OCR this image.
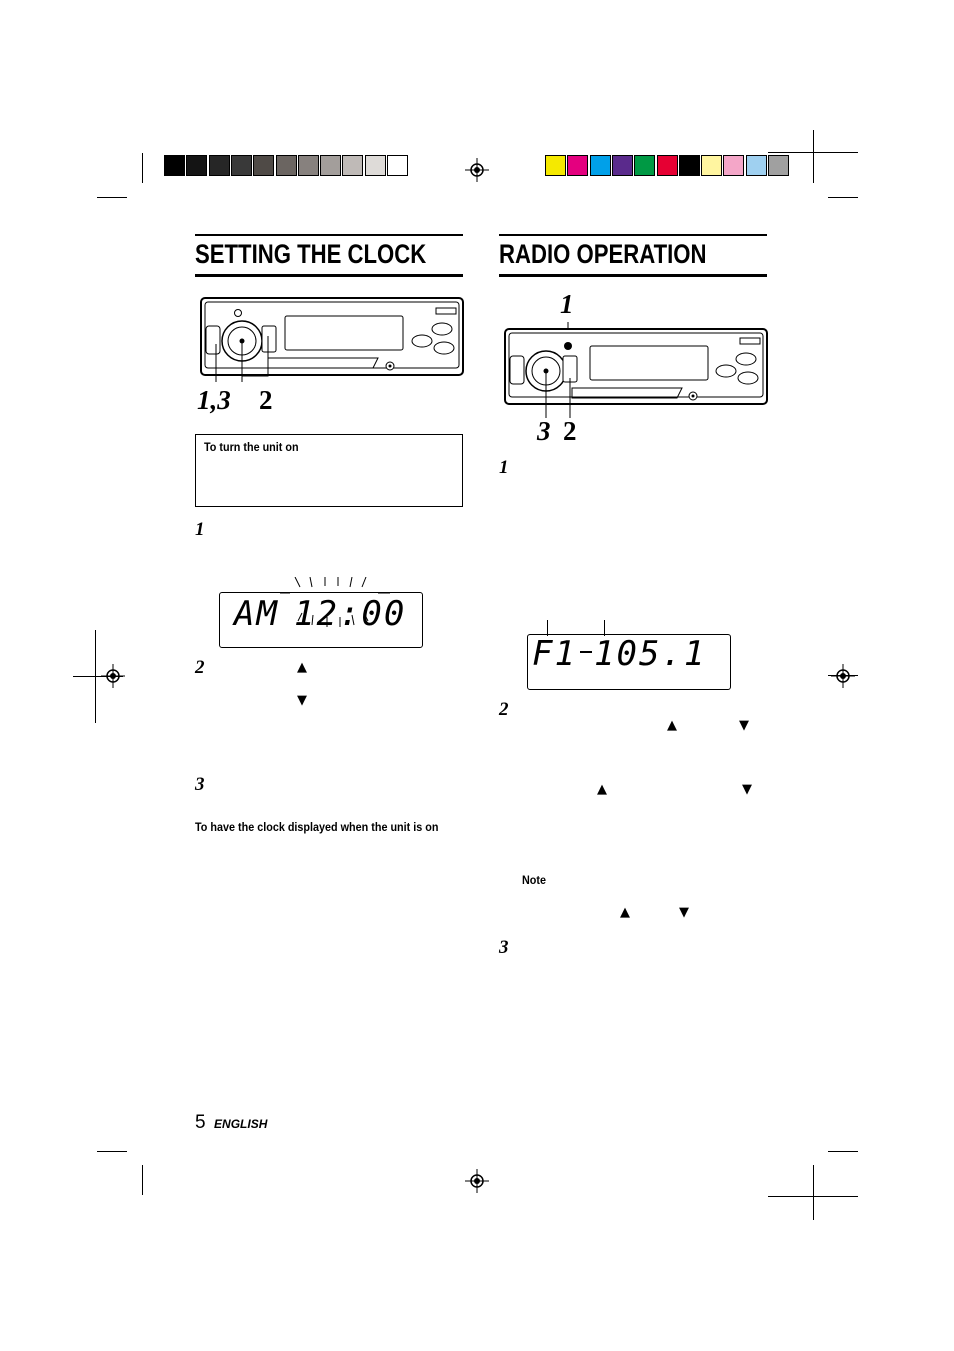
SETTING THE CLOCK
1,3 2
To turn the unit on
1
AM 12:00
2	▲
▼
3
To have the clock displayed when the unit is on
RADIO OPERATION
1
3 2
1
F1 105.1
2
▲	▼
▲	▼
Note
▲	▼
3
5 ENGLISH
